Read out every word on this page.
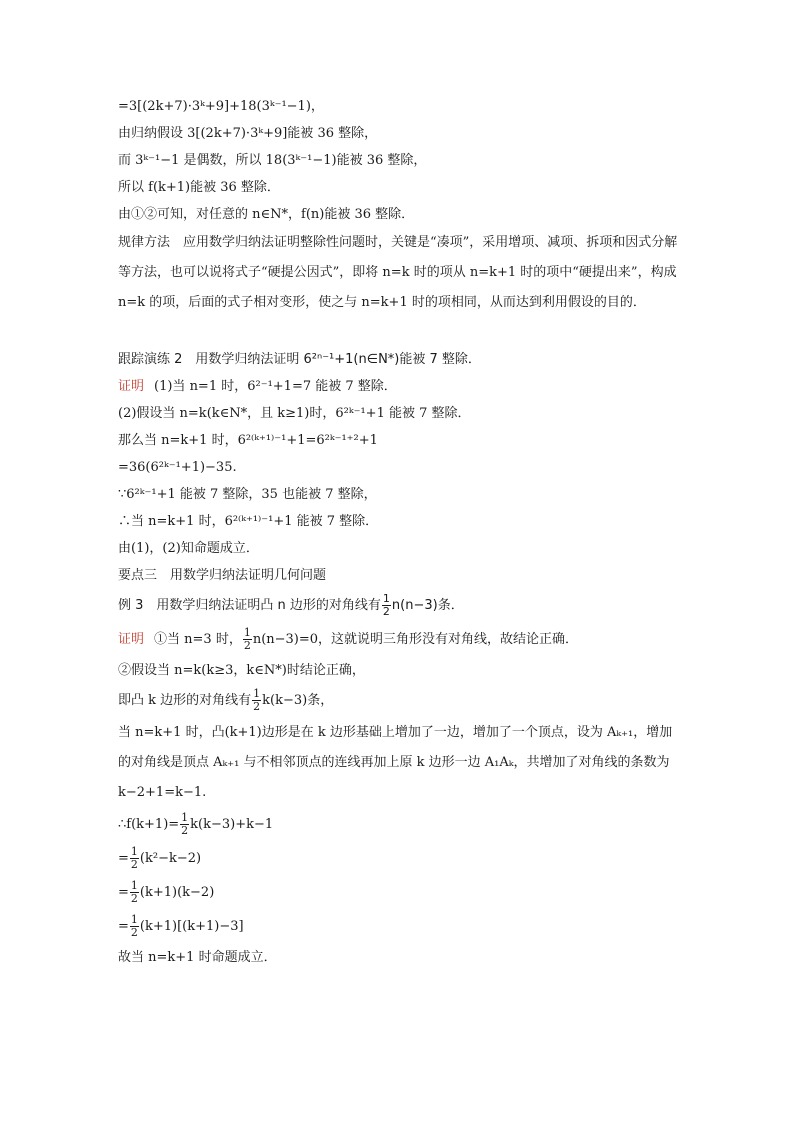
=3[(2k+7)·3ᵏ+9]+18(3ᵏ⁻¹−1)，
由归纳假设 3[(2k+7)·3ᵏ+9]能被 36 整除，
而 3ᵏ⁻¹−1 是偶数，所以 18(3ᵏ⁻¹−1)能被 36 整除，
所以 f(k+1)能被 36 整除．
由①②可知，对任意的 n∈N*，f(n)能被 36 整除．
规律方法　应用数学归纳法证明整除性问题时，关键是“凑项”，采用增项、减项、拆项和因式分解等方法，也可以说将式子“硬提公因式”，即将 n=k 时的项从 n=k+1 时的项中“硬提出来”，构成 n=k 的项，后面的式子相对变形，使之与 n=k+1 时的项相同，从而达到利用假设的目的．
跟踪演练 2　用数学归纳法证明 6²ⁿ⁻¹+1(n∈N*)能被 7 整除．
证明 (1)当 n=1 时，6²⁻¹+1=7 能被 7 整除．
(2)假设当 n=k(k∈N*，且 k≥1)时，6²ᵏ⁻¹+1 能被 7 整除．
那么当 n=k+1 时，6²⁽ᵏ⁺¹⁾⁻¹+1=6²ᵏ⁻¹⁺²+1
=36(6²ᵏ⁻¹+1)−35.
∵6²ᵏ⁻¹+1 能被 7 整除，35 也能被 7 整除，
∴当 n=k+1 时，6²⁽ᵏ⁺¹⁾⁻¹+1 能被 7 整除．
由(1)，(2)知命题成立．
要点三　用数学归纳法证明几何问题
例 3　用数学归纳法证明凸 n 边形的对角线有 $\frac{1}{2} n(n-3)$条．
证明 ①当 n=3 时， $\frac{1}{2} n(n-3)=0$，这就说明三角形没有对角线，故结论正确．
②假设当 n=k(k≥3，k∈N*)时结论正确，
即凸 k 边形的对角线有 $\frac{1}{2} k(k-3)$条，
当 n=k+1 时，凸(k+1)边形是在 k 边形基础上增加了一边，增加了一个顶点，设为 Aₖ₊₁，增加的对角线是顶点 Aₖ₊₁ 与不相邻顶点的连线再加上原 k 边形一边 A₁Aₖ，共增加了对角线的条数为 k−2+1=k−1.
∴f(k+1)= $\frac{1}{2} k(k-3)+k-1$
= $\frac{1}{2} (k^2-k-2)$
= $\frac{1}{2} (k+1)(k-2)$
= $\frac{1}{2} (k+1)[(k+1)-3]$
故当 n=k+1 时命题成立．
